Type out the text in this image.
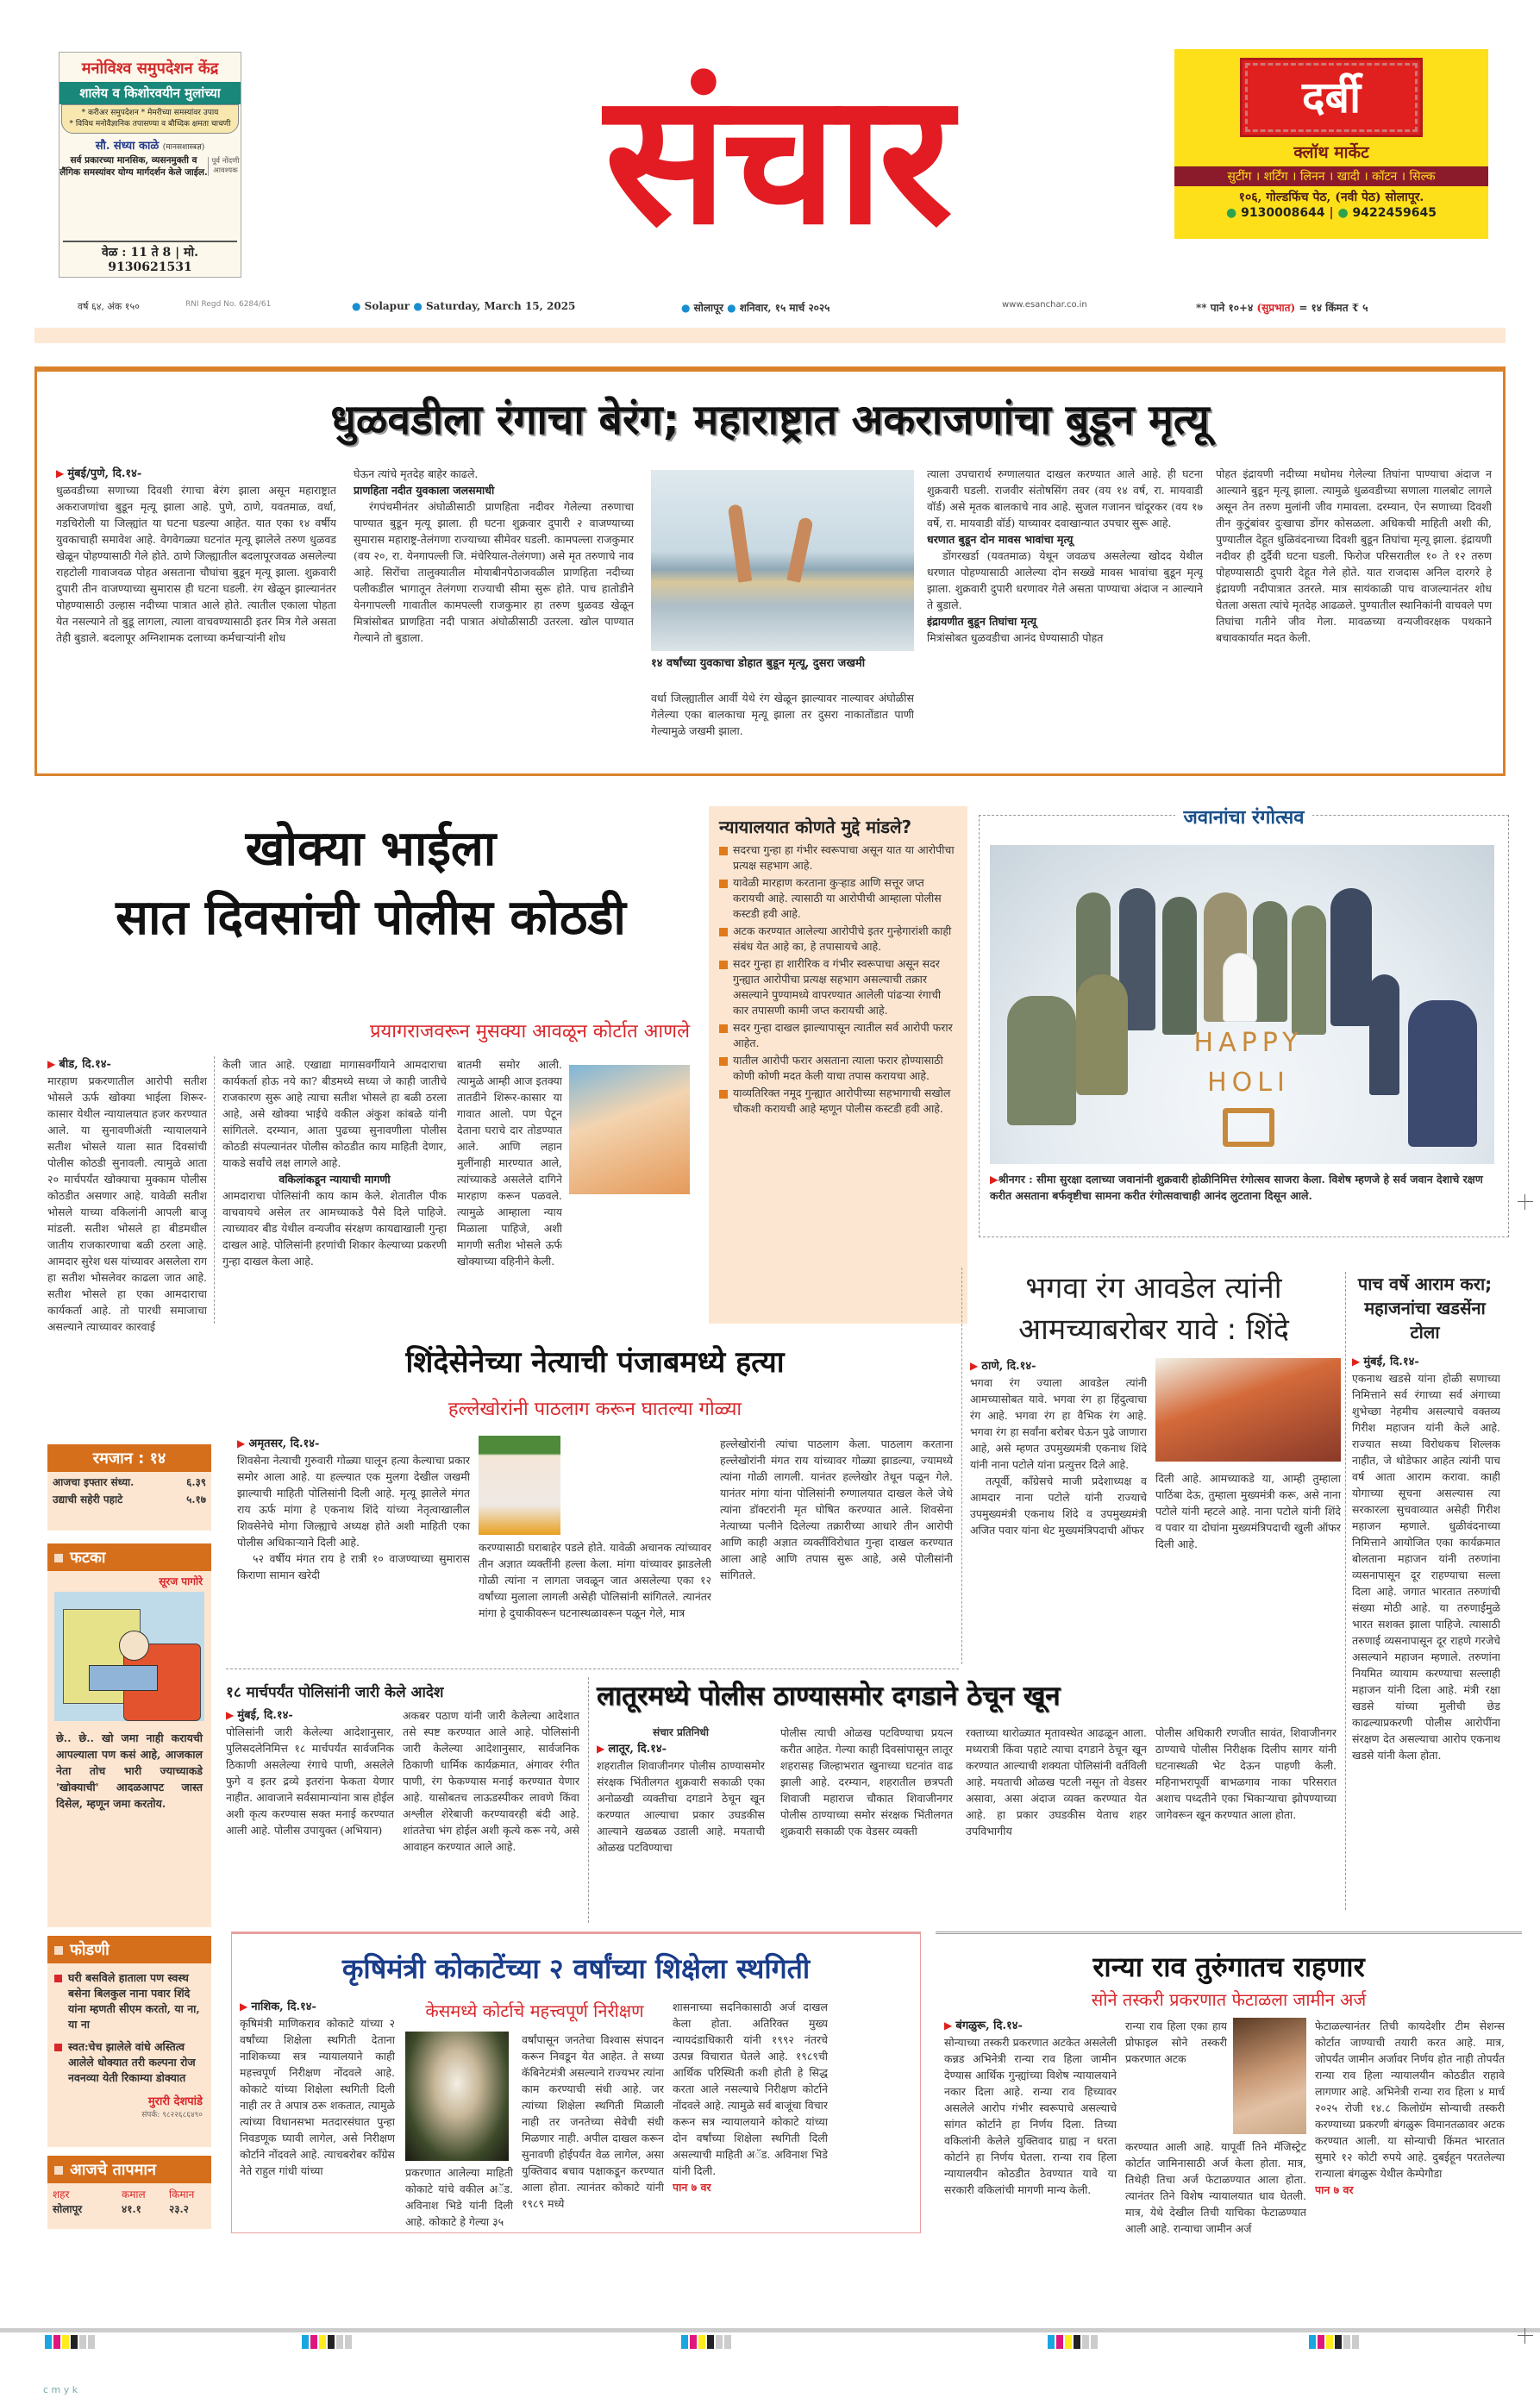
मनोविश्व समुपदेशन केंद्र
शालेय व किशोरवयीन मुलांच्या
* करीअर समुपदेशन * मेमरीच्या समस्यांवर उपाय
* विविध मनोवैज्ञानिक तपासण्या व बौध्दिक क्षमता चाचणी
सौ. संध्या काळे (मानसशास्त्रज्ञ)
सर्व प्रकारच्या मानसिक, व्यसनमुक्ती व लैंगिक समस्यांवर योग्य मार्गदर्शन केले जाईल.
पूर्व नोंदणी आवश्यक
वेळ : 11 ते 8 | मो. 9130621531
संचार	दर्बी
क्लॉथ मार्केट
सुटींग । शर्टिंग । लिनन । खादी । कॉटन । सिल्क
१०६, गोल्डफिंच पेठ, (नवी पेठ) सोलापूर.
● 9130008644 | ● 9422459645
वर्ष ६४, अंक १५०	RNI Regd No. 6284/61	● Solapur ● Saturday, March 15, 2025	● सोलापूर ● शनिवार, १५ मार्च २०२५	www.esanchar.co.in	** पाने १०+४ (सुप्रभात) = १४ किंमत ₹ ५
धुळवडीला रंगाचा बेरंग; महाराष्ट्रात अकराजणांचा बुडून मृत्यू
▶ मुंबई/पुणे, दि.१४-
धुळवडीच्या सणाच्या दिवशी रंगाचा बेरंग झाला असून महाराष्ट्रात अकराजणांचा बुडून मृत्यू झाला आहे. पुणे, ठाणे, यवतमाळ, वर्धा, गडचिरोली या जिल्ह्यांत या घटना घडल्या आहेत. यात एका १४ वर्षीय युवकाचाही समावेश आहे. वेगवेगळ्या घटनांत मृत्यू झालेले तरुण धुळवड खेळून पोहण्यासाठी गेले होते. ठाणे जिल्ह्यातील बदलापूरजवळ असलेल्या राहटोली गावाजवळ पोहत असताना चौघांचा बुडून मृत्यू झाला. शुक्रवारी दुपारी तीन वाजण्याच्या सुमारास ही घटना घडली. रंग खेळून झाल्यानंतर पोहण्यासाठी उल्हास नदीच्या पात्रात आले होते. त्यातील एकाला पोहता येत नसल्याने तो बुडू लागला, त्याला वाचवण्यासाठी इतर मित्र गेले असता तेही बुडाले. बदलापूर अग्निशामक दलाच्या कर्मचाऱ्यांनी शोध
घेऊन त्यांचे मृतदेह बाहेर काढले.
प्राणहिता नदीत युवकाला जलसमाधी
रंगपंचमीनंतर अंघोळीसाठी प्राणहिता नदीवर गेलेल्या तरुणाचा पाण्यात बुडून मृत्यू झाला. ही घटना शुक्रवार दुपारी २ वाजण्याच्या सुमारास महाराष्ट्र-तेलंगणा राज्याच्या सीमेवर घडली. कामपल्ला राजकुमार (वय २०, रा. येनगापल्ली जि. मंचेरियाल-तेलंगणा) असे मृत तरुणाचे नाव आहे. सिरोंचा तालुक्यातील मोयाबीनपेठाजवळील प्राणहिता नदीच्या पलीकडील भागातून तेलंगणा राज्याची सीमा सुरू होते. पाच हातोडीने येनगापल्ली गावातील कामपल्ली राजकुमार हा तरुण धुळवड खेळून मित्रांसोबत प्राणहिता नदी पात्रात अंघोळीसाठी उतरला. खोल पाण्यात गेल्याने तो बुडाला.
१४ वर्षांच्या युवकाचा डोहात बुडून मृत्यू, दुसरा जखमी
वर्धा जिल्ह्यातील आर्वी येथे रंग खेळून झाल्यावर नाल्यावर अंघोळीस गेलेल्या एका बालकाचा मृत्यू झाला तर दुसरा नाकातोंडात पाणी गेल्यामुळे जखमी झाला.
त्याला उपचारार्थ रुग्णालयात दाखल करण्यात आले आहे. ही घटना शुक्रवारी घडली. राजवीर संतोषसिंग तवर (वय १४ वर्ष, रा. मायवाडी वॉर्ड) असे मृतक बालकाचे नाव आहे. सुजल गजानन चांदूरकर (वय १७ वर्षे, रा. मायवाडी वॉर्ड) याच्यावर दवाखान्यात उपचार सुरू आहे.
धरणात बुडून दोन मावस भावांचा मृत्यू
डोंगरखर्डा (यवतमाळ) येथून जवळच असलेल्या खोदद येथील धरणात पोहण्यासाठी आलेल्या दोन सख्खे मावस भावांचा बुडून मृत्यू झाला. शुक्रवारी दुपारी धरणावर गेले असता पाण्याचा अंदाज न आल्याने ते बुडाले.
इंद्रायणीत बुडून तिघांचा मृत्यू
मित्रांसोबत धुळवडीचा आनंद घेण्यासाठी पोहत
पोहत इंद्रायणी नदीच्या मधोमध गेलेल्या तिघांना पाण्याचा अंदाज न आल्याने बुडून मृत्यू झाला. त्यामुळे धुळवडीच्या सणाला गालबोट लागले असून तेन तरुण मुलांनी जीव गमावला. दरम्यान, ऐन सणाच्या दिवशी तीन कुटुंबांवर दुःखाचा डोंगर कोसळला. अधिकची माहिती अशी की, पुण्यातील देहूत धुळिवंदनाच्या दिवशी बुडून तिघांचा मृत्यू झाला. इंद्रायणी नदीवर ही दुर्दैवी घटना घडली. फिरोज परिसरातील १० ते १२ तरुण पोहण्यासाठी दुपारी देहूत गेले होते. यात राजदास अनिल दारगरे हे इंद्रायणी नदीपात्रात उतरले. मात्र सायंकाळी पाच वाजल्यानंतर शोध घेतला असता त्यांचे मृतदेह आढळले. पुण्यातील स्थानिकांनी वाचवले पण तिघांचा गतीने जीव गेला. मावळच्या वन्यजीवरक्षक पथकाने बचावकार्यात मदत केली.
खोक्या भाईला
सात दिवसांची पोलीस कोठडी
प्रयागराजवरून मुसक्या आवळून कोर्टात आणले
▶ बीड, दि.१४-
मारहाण प्रकरणातील आरोपी सतीश भोसले ऊर्फ खोक्या भाईला शिरूर-कासार येथील न्यायालयात हजर करण्यात आले. या सुनावणीअंती न्यायालयाने सतीश भोसले याला सात दिवसांची पोलीस कोठडी सुनावली. त्यामुळे आता २० मार्चपर्यंत खोक्याचा मुक्काम पोलीस कोठडीत असणार आहे. यावेळी सतीश भोसले याच्या वकिलांनी आपली बाजू मांडली. सतीश भोसले हा बीडमधील जातीय राजकारणाचा बळी ठरला आहे. आमदार सुरेश धस यांच्यावर असलेला राग हा सतीश भोसलेवर काढला जात आहे. सतीश भोसले हा एका आमदाराचा कार्यकर्ता आहे. तो पारधी समाजाचा असल्याने त्याच्यावर कारवाई
केली जात आहे. एखाद्या मागासवर्गीयाने आमदाराचा कार्यकर्ता होऊ नये का? बीडमध्ये सध्या जे काही जातीचे राजकारण सुरू आहे त्याचा सतीश भोसले हा बळी ठरला आहे, असे खोक्या भाईचे वकील अंकुश कांबळे यांनी सांगितले. दरम्यान, आता पुढच्या सुनावणीला पोलीस कोठडी संपल्यानंतर पोलीस कोठडीत काय माहिती देणार, याकडे सर्वांचे लक्ष लागले आहे.
वकिलांकडून न्यायाची मागणी
आमदाराचा पोलिसांनी काय काम केले. शेतातील पीक वाचवायचे असेल तर आमच्याकडे पैसे दिले पाहिजे. त्याच्यावर बीड येथील वन्यजीव संरक्षण कायद्याखाली गुन्हा दाखल आहे. पोलिसांनी हरणांची शिकार केल्याच्या प्रकरणी गुन्हा दाखल केला आहे.
बातमी समोर आली. त्यामुळे आम्ही आज इतक्या तातडीने शिरूर-कासार या गावात आलो. पण पेटून देताना घराचे दार तोडण्यात आले. आणि लहान मुलींनाही मारण्यात आले, त्यांच्याकडे असलेले दागिने मारहाण करून पळवले. त्यामुळे आम्हाला न्याय मिळाला पाहिजे, अशी मागणी सतीश भोसले ऊर्फ खोक्याच्या वहिनीने केली.
न्यायालयात कोणते मुद्दे मांडले?
सदरचा गुन्हा हा गंभीर स्वरूपाचा असून यात या आरोपीचा प्रत्यक्ष सहभाग आहे.
यावेळी मारहाण करताना कुऱ्हाड आणि सत्तूर जप्त करायची आहे. त्यासाठी या आरोपीची आम्हाला पोलीस कस्टडी हवी आहे.
अटक करण्यात आलेल्या आरोपीचे इतर गुन्हेगारांशी काही संबंध येत आहे का, हे तपासायचे आहे.
सदर गुन्हा हा शारीरिक व गंभीर स्वरूपाचा असून सदर गुन्ह्यात आरोपीचा प्रत्यक्ष सहभाग असल्याची तक्रार असल्याने पुण्यामध्ये वापरण्यात आलेली पांढऱ्या रंगाची कार तपासणी कामी जप्त करायची आहे.
सदर गुन्हा दाखल झाल्यापासून त्यातील सर्व आरोपी फरार आहेत.
यातील आरोपी फरार असताना त्याला फरार होण्यासाठी कोणी कोणी मदत केली याचा तपास करायचा आहे.
याव्यतिरिक्त नमूद गुन्ह्यात आरोपीच्या सहभागाची सखोल चौकशी करायची आहे म्हणून पोलीस कस्टडी हवी आहे.
जवानांचा रंगोत्सव
HAPPY
HOLI
▶ श्रीनगर : सीमा सुरक्षा दलाच्या जवानांनी शुक्रवारी होळीनिमित्त रंगोत्सव साजरा केला. विशेष म्हणजे हे सर्व जवान देशाचे रक्षण करीत असताना बर्फवृष्टीचा सामना करीत रंगोत्सवाचाही आनंद लुटताना दिसून आले.
भगवा रंग आवडेल त्यांनी आमच्याबरोबर यावे : शिंदे
▶ ठाणे, दि.१४-
भगवा रंग ज्याला आवडेल त्यांनी आमच्यासोबत यावे. भगवा रंग हा हिंदुत्वाचा रंग आहे. भगवा रंग हा वैभिक रंग आहे. भगवा रंग हा सर्वांना बरोबर घेऊन पुढे जाणारा आहे, असे म्हणत उपमुख्यमंत्री एकनाथ शिंदे यांनी नाना पटोले यांना प्रत्युत्तर दिले आहे.
तत्पूर्वी, काँग्रेसचे माजी प्रदेशाध्यक्ष व आमदार नाना पटोले यांनी राज्याचे उपमुख्यमंत्री एकनाथ शिंदे व उपमुख्यमंत्री अजित पवार यांना थेट मुख्यमंत्रिपदाची ऑफर
दिली आहे. आमच्याकडे या, आम्ही तुम्हाला पाठिंबा देऊ, तुम्हाला मुख्यमंत्री करू, असे नाना पटोले यांनी म्हटले आहे. नाना पटोले यांनी शिंदे व पवार या दोघांना मुख्यमंत्रिपदाची खुली ऑफर दिली आहे.
पाच वर्षे आराम करा; महाजनांचा खडसेंना टोला
▶ मुंबई, दि.१४-
एकनाथ खडसे यांना होळी सणाच्या निमित्ताने सर्व रंगाच्या सर्व अंगाच्या शुभेच्छा नेहमीच असल्याचे वक्तव्य गिरीश महाजन यांनी केले आहे. राज्यात सध्या विरोधकच शिल्लक नाहीत, जे थोडेफार आहेत त्यांनी पाच वर्ष आता आराम करावा. काही योगाच्या सूचना असल्यास त्या सरकारला सुचवाव्यात असेही गिरीश महाजन म्हणाले. धुळीवंदनाच्या निमित्ताने आयोजित एका कार्यक्रमात बोलताना महाजन यांनी तरुणांना व्यसनापासून दूर राहण्याचा सल्ला दिला आहे. जगात भारतात तरुणांची संख्या मोठी आहे. या तरुणाईमुळे भारत सशक्त झाला पाहिजे. त्यासाठी तरुणाई व्यसनापासून दूर राहणे गरजेचे असल्याने महाजन म्हणाले. तरुणांना नियमित व्यायाम करण्याचा सल्लाही महाजन यांनी दिला आहे. मंत्री रक्षा खडसे यांच्या मुलीची छेड काढल्याप्रकरणी पोलीस आरोपींना संरक्षण देत असल्याचा आरोप एकनाथ खडसे यांनी केला होता.
रमजान : १४
आजचा इफ्तार संध्या.	६.३९
उद्याची सहेरी पहाटे	५.१७
फटका
सूरज पागोरे
छे.. छे.. खो जमा नाही करायची आपल्याला पण कसं आहे, आजकाल नेता तोच भारी ज्याच्याकडे 'खोक्याची' आदळआपट जास्त दिसेल, म्हणून जमा करतोय.
फोडणी
घरी बसविले हाताला पण स्वस्थ बसेना बिलकुल नाना पवार शिंदे यांना म्हणती सीएम करतो, या ना, या ना
स्वत:चेच झालेले वांधे अस्तित्व आलेले धोक्यात तरी कल्पना रोज नवनव्या येती रिकाम्या डोक्यात
मुरारी देशपांडे
संपर्क: ९८२२६८६४९०
आजचे तापमान
शहर	कमाल	किमान
सोलापूर	४१.१	२३.२
शिंदेसेनेच्या नेत्याची पंजाबमध्ये हत्या
हल्लेखोरांनी पाठलाग करून घातल्या गोळ्या
▶ अमृतसर, दि.१४-
शिवसेना नेत्याची गुरुवारी गोळ्या घालून हत्या केल्याचा प्रकार समोर आला आहे. या हल्ल्यात एक मुलगा देखील जखमी झाल्याची माहिती पोलिसांनी दिली आहे. मृत्यू झालेले मंगत राय ऊर्फ मांगा हे एकनाथ शिंदे यांच्या नेतृत्वाखालील शिवसेनेचे मोगा जिल्ह्याचे अध्यक्ष होते अशी माहिती एका पोलीस अधिकाऱ्याने दिली आहे.
५२ वर्षीय मंगत राय हे रात्री १० वाजण्याच्या सुमारास किराणा सामान खरेदी
करण्यासाठी घराबाहेर पडले होते. यावेळी अचानक त्यांच्यावर तीन अज्ञात व्यक्तींनी हल्ला केला. मांगा यांच्यावर झाडलेली गोळी त्यांना न लागता जवळून जात असलेल्या एका १२ वर्षांच्या मुलाला लागली असेही पोलिसांनी सांगितले. त्यानंतर मांगा हे दुचाकीवरून घटनास्थळावरून पळून गेले, मात्र
हल्लेखोरांनी त्यांचा पाठलाग केला. पाठलाग करताना हल्लेखोरांनी मंगत राय यांच्यावर गोळ्या झाडल्या, ज्यामध्ये त्यांना गोळी लागली. यानंतर हल्लेखोर तेथून पळून गेले. यानंतर मांगा यांना पोलिसांनी रुग्णालयात दाखल केले जेथे त्यांना डॉक्टरांनी मृत घोषित करण्यात आले. शिवसेना नेत्याच्या पत्नीने दिलेल्या तक्रारीच्या आधारे तीन आरोपी आणि काही अज्ञात व्यक्तींविरोधात गुन्हा दाखल करण्यात आला आहे आणि तपास सुरू आहे, असे पोलीसांनी सांगितले.
१८ मार्चपर्यंत पोलिसांनी जारी केले आदेश
▶ मुंबई, दि.१४-
पोलिसांनी जारी केलेल्या आदेशानुसार, पुलिसदलेनिमित्त १८ मार्चपर्यंत सार्वजनिक ठिकाणी असलेल्या रंगाचे पाणी, असलेले फुगे व इतर द्रव्ये इतरांना फेकता येणार नाहीत. आवाजाने सर्वसामान्यांना त्रास होईल अशी कृत्य करण्यास सक्त मनाई करण्यात आली आहे. पोलीस उपायुक्त (अभियान)
अकबर पठाण यांनी जारी केलेल्या आदेशात तसे स्पष्ट करण्यात आले आहे. पोलिसांनी जारी केलेल्या आदेशानुसार, सार्वजनिक ठिकाणी धार्मिक कार्यक्रमात, अंगावर रंगीत पाणी, रंग फेकण्यास मनाई करण्यात येणार आहे. यासोबतच लाऊडस्पीकर लावणे किंवा अश्लील शेरेबाजी करण्यावरही बंदी आहे. शांततेचा भंग होईल अशी कृत्ये करू नये, असे आवाहन करण्यात आले आहे.
लातूरमध्ये पोलीस ठाण्यासमोर दगडाने ठेचून खून
संचार प्रतिनिधी
▶ लातूर, दि.१४-
शहरातील शिवाजीनगर पोलीस ठाण्यासमोर संरक्षक भिंतीलगत शुक्रवारी सकाळी एका अनोळखी व्यक्तीचा दगडाने ठेचून खून करण्यात आल्याचा प्रकार उघडकीस आल्याने खळबळ उडाली आहे. मयताची ओळख पटविण्याचा
पोलीस त्याची ओळख पटविण्याचा प्रयत्न करीत आहेत. गेल्या काही दिवसांपासून लातूर शहरासह जिल्हाभरात खुनाच्या घटनांत वाढ झाली आहे. दरम्यान, शहरातील छत्रपती शिवाजी महाराज चौकात शिवाजीनगर पोलीस ठाण्याच्या समोर संरक्षक भिंतीलगत शुक्रवारी सकाळी एक वेडसर व्यक्ती
रक्ताच्या थारोळ्यात मृतावस्थेत आढळून आला. मध्यरात्री किंवा पहाटे त्याचा दगडाने ठेचून खून करण्यात आल्याची शक्यता पोलिसांनी वर्तविली आहे. मयताची ओळख पटली नसून तो वेडसर असावा, असा अंदाज व्यक्त करण्यात येत आहे. हा प्रकार उघडकीस येताच शहर उपविभागीय
पोलीस अधिकारी रणजीत सावंत, शिवाजीनगर ठाण्याचे पोलीस निरीक्षक दिलीप सागर यांनी घटनास्थळी भेट देऊन पाहणी केली. महिनाभरापूर्वी बाभळगाव नाका परिसरात अशाच पध्दतीने एका भिकाऱ्याचा झोपण्याच्या जागेवरून खून करण्यात आला होता.
कृषिमंत्री कोकाटेंच्या २ वर्षांच्या शिक्षेला स्थगिती
▶ नाशिक, दि.१४-
कृषिमंत्री माणिकराव कोकाटे यांच्या २ वर्षांच्या शिक्षेला स्थगिती देताना नाशिकच्या सत्र न्यायालयाने काही महत्त्वपूर्ण निरीक्षण नोंदवले आहे. कोकाटे यांच्या शिक्षेला स्थगिती दिली नाही तर ते अपात्र ठरू शकतात, त्यामुळे त्यांच्या विधानसभा मतदारसंघात पुन्हा निवडणूक घ्यावी लागेल, असे निरीक्षण कोर्टाने नोंदवले आहे. त्याचबरोबर काँग्रेस नेते राहुल गांधी यांच्या
केसमध्ये कोर्टाचे महत्त्वपूर्ण निरीक्षण
प्रकरणात आलेल्या माहिती कोकाटे यांचे वकील अॅड. अविनाश भिडे यांनी दिली आहे. कोकाटे हे गेल्या ३५
वर्षांपासून जनतेचा विश्वास संपादन करून निवडून येत आहेत. ते सध्या कॅबिनेटमंत्री असल्याने राज्यभर त्यांना काम करण्याची संधी आहे. जर त्यांच्या शिक्षेला स्थगिती मिळाली नाही तर जनतेच्या सेवेची संधी मिळणार नाही. अपील दाखल करून सुनावणी होईपर्यंत वेळ लागेल, असा युक्तिवाद बचाव पक्षाकडून करण्यात आला होता. त्यानंतर कोकाटे यांनी १९८९ मध्ये
शासनाच्या सदनिकासाठी अर्ज दाखल केला होता. अतिरिक्त मुख्य न्यायदंडाधिकारी यांनी १९९२ नंतरचे उत्पन्न विचारात घेतले आहे. १९८९ची आर्थिक परिस्थिती कशी होती हे सिद्ध करता आले नसल्याचे निरीक्षण कोर्टाने नोंदवले आहे. त्यामुळे सर्व बाजूंचा विचार करून सत्र न्यायालयाने कोकाटे यांच्या दोन वर्षांच्या शिक्षेला स्थगिती दिली असल्याची माहिती अॅड. अविनाश भिडे यांनी दिली.
पान ७ वर
रान्या राव तुरुंगातच राहणार
सोने तस्करी प्रकरणात फेटाळला जामीन अर्ज
▶ बंगळुरू, दि.१४-
सोन्याच्या तस्करी प्रकरणात अटकेत असलेली कन्नड अभिनेत्री रान्या राव हिला जामीन देण्यास आर्थिक गुन्ह्यांच्या विशेष न्यायालयाने नकार दिला आहे. रान्या राव हिच्यावर असलेले आरोप गंभीर स्वरूपाचे असल्याचे सांगत कोर्टाने हा निर्णय दिला. तिच्या वकिलांनी केलेले युक्तिवाद ग्राह्य न धरता कोर्टाने हा निर्णय घेतला. रान्या राव हिला न्यायालयीन कोठडीत ठेवण्यात यावे या सरकारी वकिलांची मागणी मान्य केली.
रान्या राव हिला एका हाय प्रोफाइल सोने तस्करी प्रकरणात अटक
करण्यात आली आहे. यापूर्वी तिने मॅजिस्ट्रेट कोर्टात जामिनासाठी अर्ज केला होता. मात्र, तिथेही तिचा अर्ज फेटाळण्यात आला होता. त्यानंतर तिने विशेष न्यायालयात धाव घेतली. मात्र, येथे देखील तिची याचिका फेटाळण्यात आली आहे. रान्याचा जामीन अर्ज
फेटाळल्यानंतर तिची कायदेशीर टीम सेशन्स कोर्टात जाण्याची तयारी करत आहे. मात्र, जोपर्यंत जामीन अर्जावर निर्णय होत नाही तोपर्यंत रान्या राव हिला न्यायालयीन कोठडीत राहावे लागणार आहे. अभिनेत्री रान्या राव हिला ४ मार्च २०२५ रोजी १४.८ किलोग्रॅम सोन्याची तस्करी करण्याच्या प्रकरणी बंगळुरू विमानतळावर अटक करण्यात आली. या सोन्याची किंमत भारतात सुमारे १२ कोटी रुपये आहे. दुबईहून परतलेल्या रान्याला बंगळुरू येथील केम्पेगौडा
पान ७ वर
c m y k
